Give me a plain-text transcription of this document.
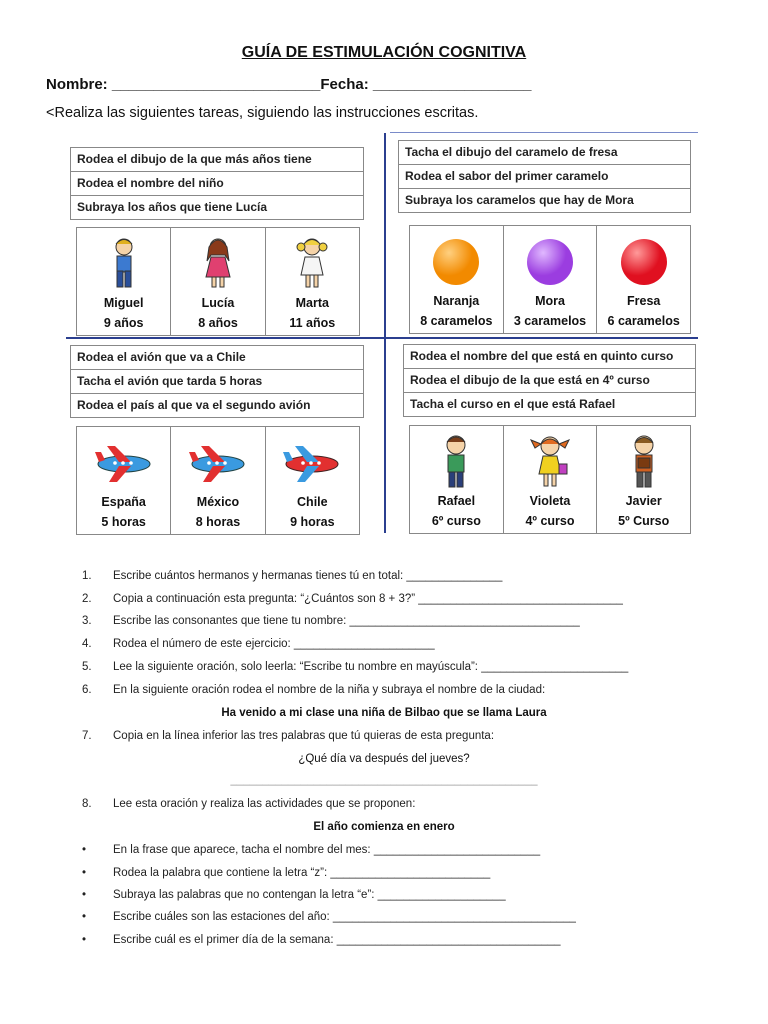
GUÍA DE ESTIMULACIÓN COGNITIVA
Nombre: _________________________Fecha: ___________________
<Realiza las siguientes tareas, siguiendo las instrucciones escritas.
Rodea el dibujo de la que más años tiene
Rodea el nombre del niño
Subraya los años que tiene Lucía
Miguel
9 años
Lucía
8 años
Marta
11 años
Tacha el dibujo del caramelo de fresa
Rodea el sabor del primer caramelo
Subraya los caramelos que hay de Mora
Naranja
8 caramelos
Mora
3 caramelos
Fresa
6 caramelos
Rodea el avión que va a Chile
Tacha el avión que tarda 5 horas
Rodea el país al que va el segundo avión
España
5 horas
México
8 horas
Chile
9 horas
Rodea el nombre del que está en quinto curso
Rodea el dibujo de la que está en 4º curso
Tacha el curso en el que está Rafael
Rafael
6º curso
Violeta
4º curso
Javier
5º Curso
1. Escribe cuántos hermanos y hermanas tienes tú en total: _______________
2. Copia a continuación esta pregunta: “¿Cuántos son 8 + 3?” ________________________________
3. Escribe las consonantes que tiene tu nombre: ____________________________________
4. Rodea el número de este ejercicio: ______________________
5. Lee la siguiente oración, solo leerla: “Escribe tu nombre en mayúscula”: _______________________
6. En la siguiente oración rodea el nombre de la niña y subraya el nombre de la ciudad:
Ha venido a mi clase una niña de Bilbao que se llama Laura
7. Copia en la línea inferior las tres palabras que tú quieras de esta pregunta:
¿Qué día va después del jueves?
________________________________________________
8. Lee esta oración y realiza las actividades que se proponen:
El año comienza en enero
• En la frase que aparece, tacha el nombre del mes: __________________________
• Rodea la palabra que contiene la letra “z”: _________________________
• Subraya las palabras que no contengan la letra “e”: ____________________
• Escribe cuáles son las estaciones del año: ______________________________________
• Escribe cuál es el primer día de la semana: ___________________________________
